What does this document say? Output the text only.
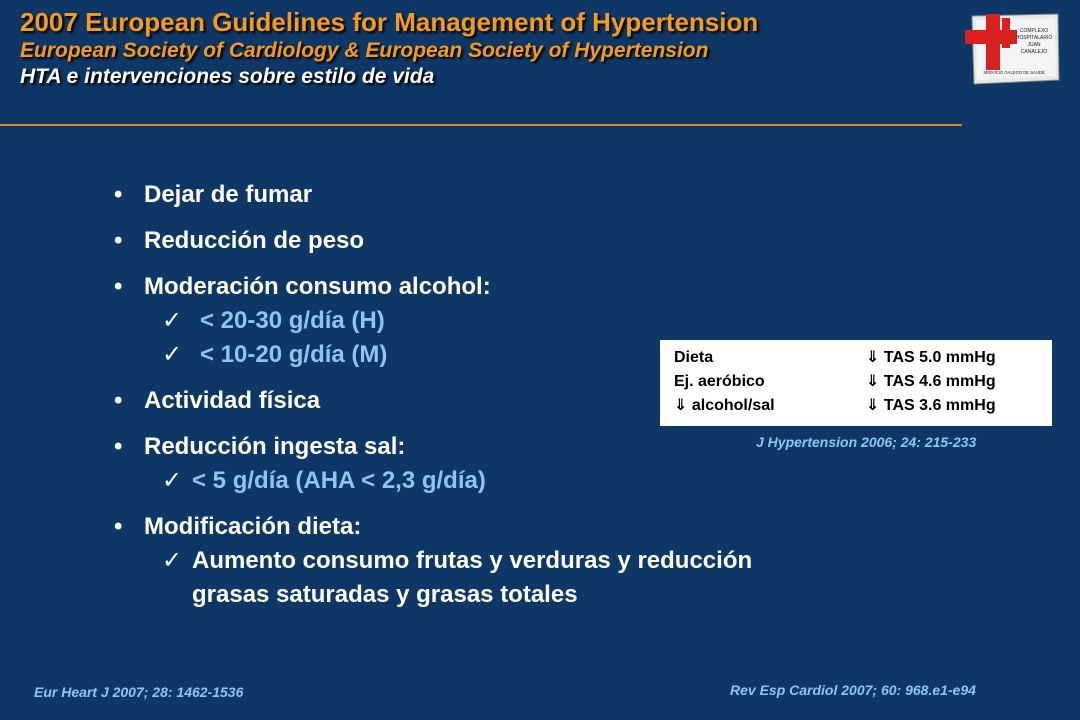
2007 European Guidelines for Management of Hypertension
European Society of Cardiology & European Society of Hypertension
HTA e intervenciones sobre estilo de vida
COMPLEXO
HOSPITALARIO
JUAN
CANALEJO
SERVICIO GALEGO DE SAUDE
• Dejar de fumar
• Reducción de peso
• Moderación consumo alcohol:
✓ < 20-30 g/día (H)
✓ < 10-20 g/día (M)
• Actividad física
• Reducción ingesta sal:
✓ < 5 g/día (AHA < 2,3 g/día)
• Modificación dieta:
✓ Aumento consumo frutas y verduras y reducción
grasas saturadas y grasas totales
Dieta	⇓ TAS 5.0 mmHg
Ej. aeróbico	⇓ TAS 4.6 mmHg
⇓ alcohol/sal	⇓ TAS 3.6 mmHg
J Hypertension 2006; 24: 215-233
Eur Heart J 2007; 28: 1462-1536	Rev Esp Cardiol 2007; 60: 968.e1-e94
